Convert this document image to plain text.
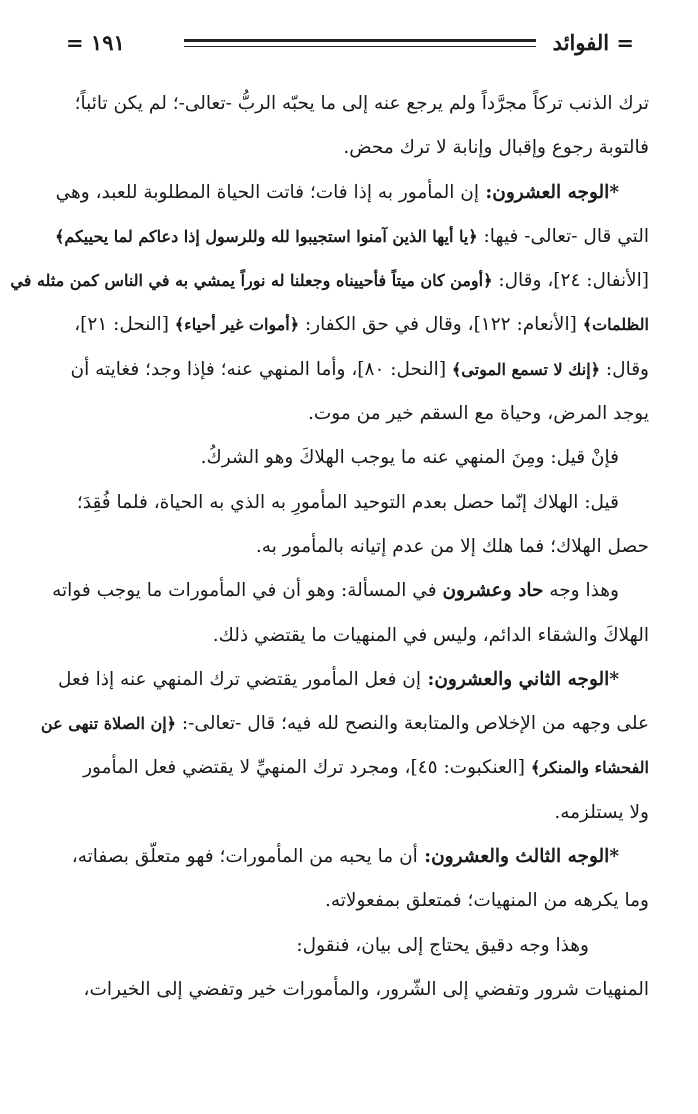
= الفوائد
١٩١ =
ترك الذنب تركاً مجرَّداً ولم يرجع عنه إلى ما يحبّه الربُّ -تعالى-؛ لم يكن تائباً؛
فالتوبة رجوع وإقبال وإنابة لا ترك محض.
*الوجه العشرون: إن المأمور به إذا فات؛ فاتت الحياة المطلوبة للعبد، وهي
التي قال -تعالى- فيها: ﴿يا أيها الذين آمنوا استجيبوا لله وللرسول إذا دعاكم لما يحييكم﴾
[الأنفال: ٢٤]، وقال: ﴿أومن كان ميتاً فأحييناه وجعلنا له نوراً يمشي به في الناس كمن مثله في
الظلمات﴾ [الأنعام: ١٢٢]، وقال في حق الكفار: ﴿أموات غير أحياء﴾ [النحل: ٢١]،
وقال: ﴿إنك لا تسمع الموتى﴾ [النحل: ٨٠]، وأما المنهي عنه؛ فإذا وجد؛ فغايته أن
يوجد المرض، وحياة مع السقم خير من موت.
فإنْ قيل: ومِنَ المنهي عنه ما يوجب الهلاكَ وهو الشركُ.
قيل: الهلاك إنّما حصل بعدم التوحيد المأمورِ به الذي به الحياة، فلما فُقِدَ؛
حصل الهلاك؛ فما هلك إلا من عدم إتيانه بالمأمور به.
وهذا وجه حاد وعشرون في المسألة: وهو أن في المأمورات ما يوجب فواته
الهلاكَ والشقاء الدائم، وليس في المنهيات ما يقتضي ذلك.
*الوجه الثاني والعشرون: إن فعل المأمور يقتضي ترك المنهي عنه إذا فعل
على وجهه من الإخلاص والمتابعة والنصح لله فيه؛ قال -تعالى-: ﴿إن الصلاة تنهى عن
الفحشاء والمنكر﴾ [العنكبوت: ٤٥]، ومجرد ترك المنهيِّ لا يقتضي فعل المأمور
ولا يستلزمه.
*الوجه الثالث والعشرون: أن ما يحبه من المأمورات؛ فهو متعلّق بصفاته،
وما يكرهه من المنهيات؛ فمتعلق بمفعولاته.
وهذا وجه دقيق يحتاج إلى بيان، فنقول:
المنهيات شرور وتفضي إلى الشّرور، والمأمورات خير وتفضي إلى الخيرات،
